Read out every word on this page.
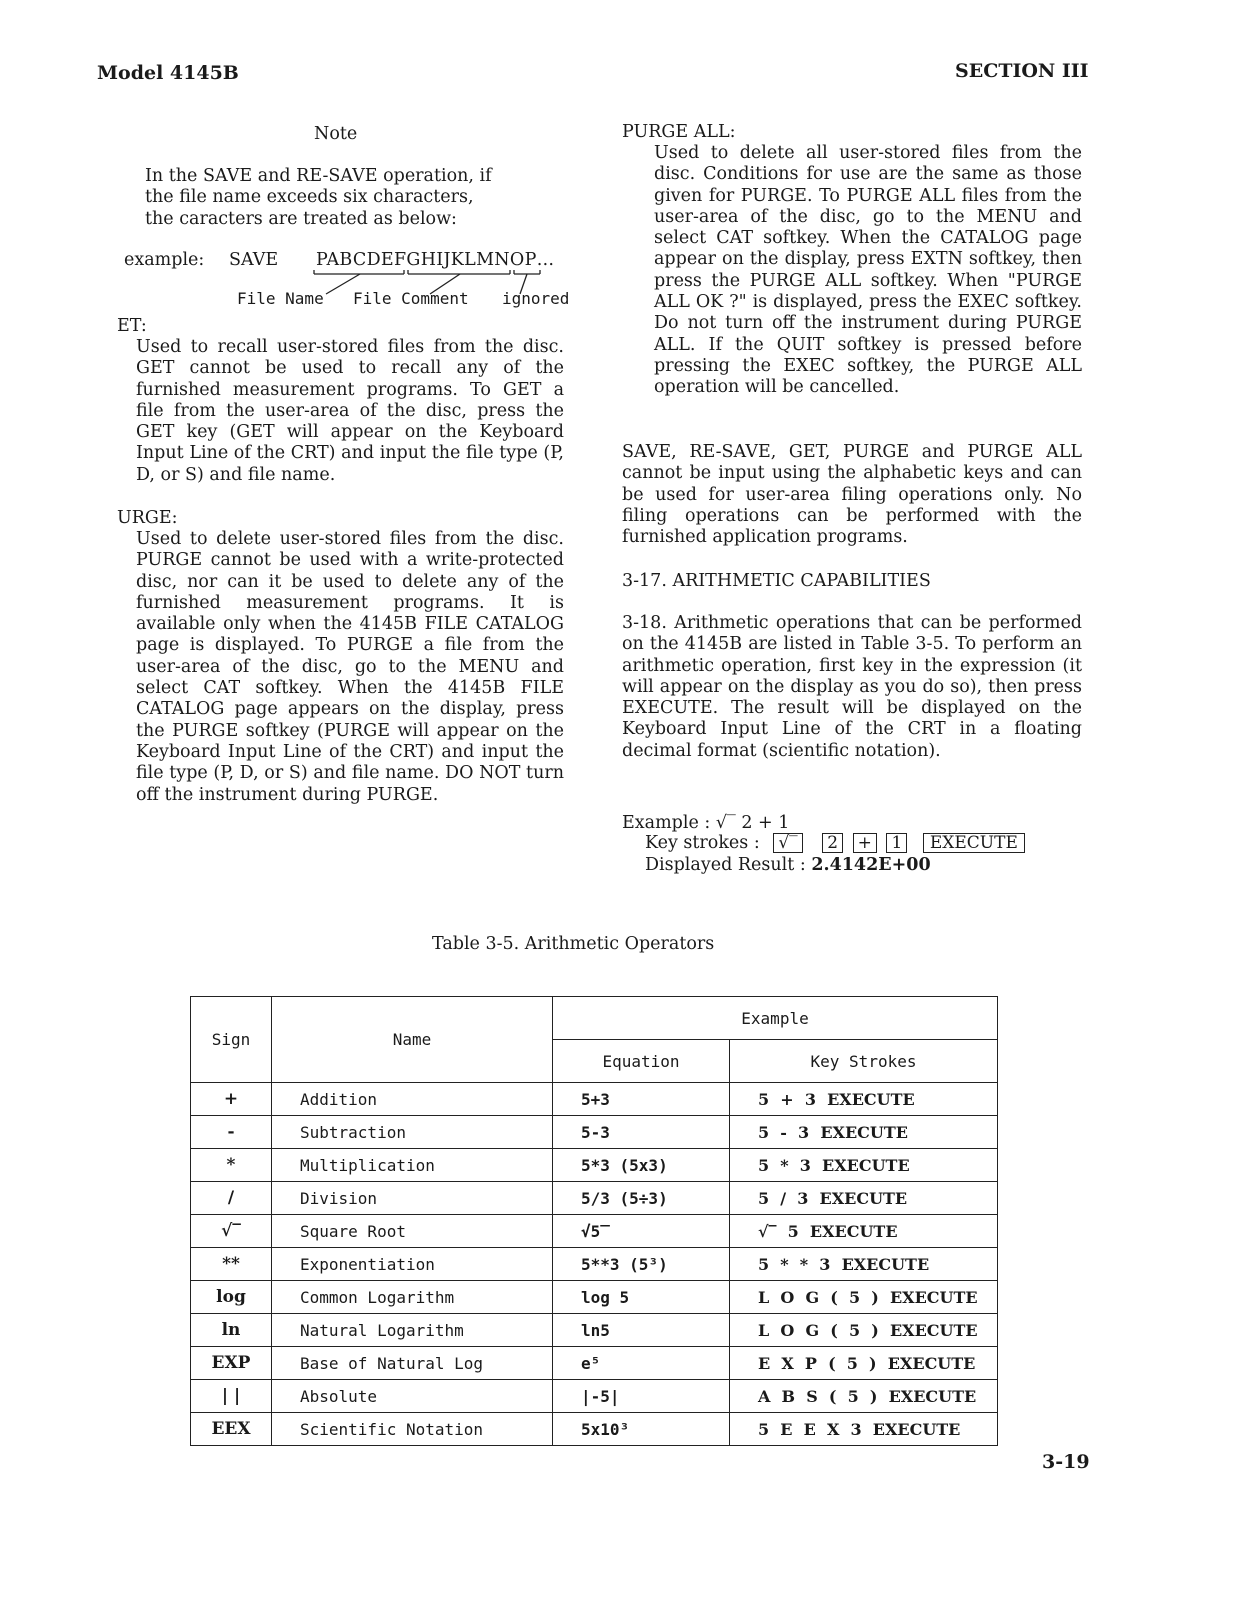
Model 4145B	SECTION III
Note
In the SAVE and RE-SAVE operation, if
the file name exceeds six characters,
the caracters are treated as below:
example: SAVE PABCDEFGHIJKLMNOP…
File Name File Comment ignored
ET:

Used to recall user-stored files from the disc. GET cannot be used to recall any of the furnished measurement programs. To GET a file from the user-area of the disc, press the GET key (GET will appear on the Keyboard Input Line of the CRT) and input the file type (P, D, or S) and file name.

URGE:

Used to delete user-stored files from the disc. PURGE cannot be used with a write-protected disc, nor can it be used to delete any of the furnished measurement programs. It is available only when the 4145B FILE CATALOG page is displayed. To PURGE a file from the user-area of the disc, go to the MENU and select CAT softkey. When the 4145B FILE CATALOG page appears on the display, press the PURGE softkey (PURGE will appear on the Keyboard Input Line of the CRT) and input the file type (P, D, or S) and file name. DO NOT turn off the instrument during PURGE.

PURGE ALL:

Used to delete all user-stored files from the disc. Conditions for use are the same as those given for PURGE. To PURGE ALL files from the user-area of the disc, go to the MENU and select CAT softkey. When the CATALOG page appear on the display, press EXTN softkey, then press the PURGE ALL softkey. When "PURGE ALL OK ?" is displayed, press the EXEC softkey. Do not turn off the instrument during PURGE ALL. If the QUIT softkey is pressed before pressing the EXEC softkey, the PURGE ALL operation will be cancelled.

SAVE, RE-SAVE, GET, PURGE and PURGE ALL cannot be input using the alphabetic keys and can be used for user-area filing operations only. No filing operations can be performed with the furnished application programs.

3-17. ARITHMETIC CAPABILITIES

3-18. Arithmetic operations that can be performed on the 4145B are listed in Table 3-5. To perform an arithmetic operation, first key in the expression (it will appear on the display as you do so), then press EXECUTE. The result will be displayed on the Keyboard Input Line of the CRT in a floating decimal format (scientific notation).

Example : √‾ 2 + 1
Key strokes : √‾ 2 + 1 EXECUTE
Displayed Result : 2.4142E+00
Table 3-5. Arithmetic Operators
Sign	Name	Example	
		Equation	Key Strokes
+	Addition	5+3	5  +  3  EXECUTE
-	Subtraction	5-3	5  -  3  EXECUTE
*	Multiplication	5*3 (5x3)	5  *  3  EXECUTE
/	Division	5/3 (5÷3)	5  /  3  EXECUTE
√‾	Square Root	√5̅	√‾  5  EXECUTE
**	Exponentiation	5**3 (5³)	5  *  *  3  EXECUTE
log	Common Logarithm	log 5	L  O  G  (  5  )  EXECUTE
ln	Natural Logarithm	ln5	L  O  G  (  5  )  EXECUTE
EXP	Base of Natural Log	e⁵	E  X  P  (  5  )  EXECUTE
| |	Absolute	|-5|	A  B  S  (  5  )  EXECUTE
EEX	Scientific Notation	5x10³	5  E  E  X  3  EXECUTE
3-19
